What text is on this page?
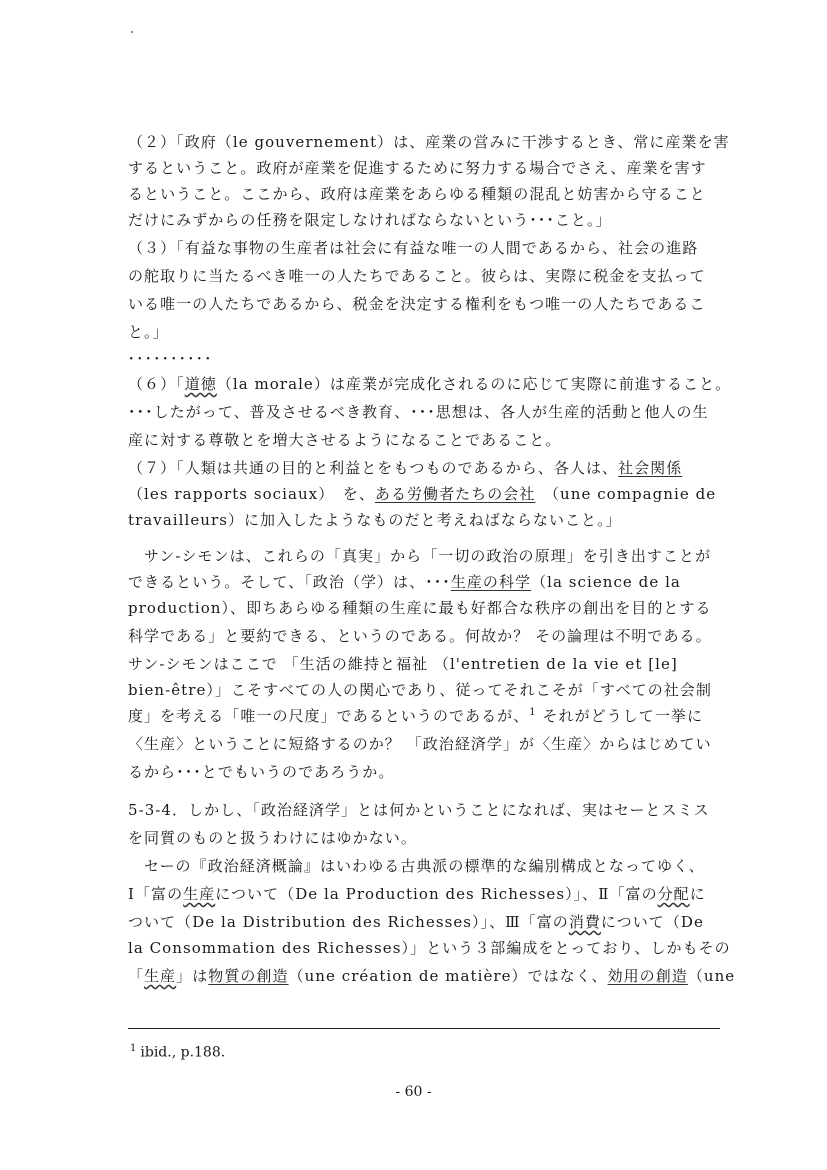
（２）「政府（le gouvernement）は、産業の営みに干渉するとき、常に産業を害
するということ。政府が産業を促進するために努力する場合でさえ、産業を害す
るということ。ここから、政府は産業をあらゆる種類の混乱と妨害から守ること
だけにみずからの任務を限定しなければならないという･･･こと。」
（３）「有益な事物の生産者は社会に有益な唯一の人間であるから、社会の進路
の舵取りに当たるべき唯一の人たちであること。彼らは、実際に税金を支払って
いる唯一の人たちであるから、税金を決定する権利をもつ唯一の人たちであるこ
と。」
･･････････
（６）「道徳（la morale）は産業が完成化されるのに応じて実際に前進すること。
･･･したがって、普及させるべき教育、･･･思想は、各人が生産的活動と他人の生
産に対する尊敬とを増大させるようになることであること。
（７）「人類は共通の目的と利益とをもつものであるから、各人は、社会関係
（les rapports sociaux）　を、ある労働者たちの会社　 （une compagnie de
travailleurs）に加入したようなものだと考えねばならないこと。」
サン-シモンは、これらの「真実」から「一切の政治の原理」を引き出すことが
できるという。そして、「政治（学）は、･･･生産の科学（la science de la
production）、即ちあらゆる種類の生産に最も好都合な秩序の創出を目的とする
科学である」と要約できる、というのである。何故か？ その論理は不明である。
サン-シモンはここで 「生活の維持と福祉 （l'entretien de la vie et [le]
bien-être）」こそすべての人の関心であり、従ってそれこそが「すべての社会制
度」を考える「唯一の尺度」であるというのであるが、$^1$ それがどうして一挙に
〈生産〉ということに短絡するのか？ 「政治経済学」が〈生産〉からはじめてい
るから･･･とでもいうのであろうか。
5-3-4．しかし、「政治経済学」とは何かということになれば、実はセーとスミス
を同質のものと扱うわけにはゆかない。
セーの『政治経済概論』はいわゆる古典派の標準的な編別構成となってゆく、
Ⅰ「富の生産について（De la Production des Richesses）」、Ⅱ「富の分配に
ついて（De la Distribution des Richesses）」、Ⅲ「富の消費について（De
la Consommation des Richesses）」という３部編成をとっており、しかもその
「生産」は物質の創造（une création de matière）ではなく、効用の創造（une
$^1$ ibid., p.188.
- 60 -
